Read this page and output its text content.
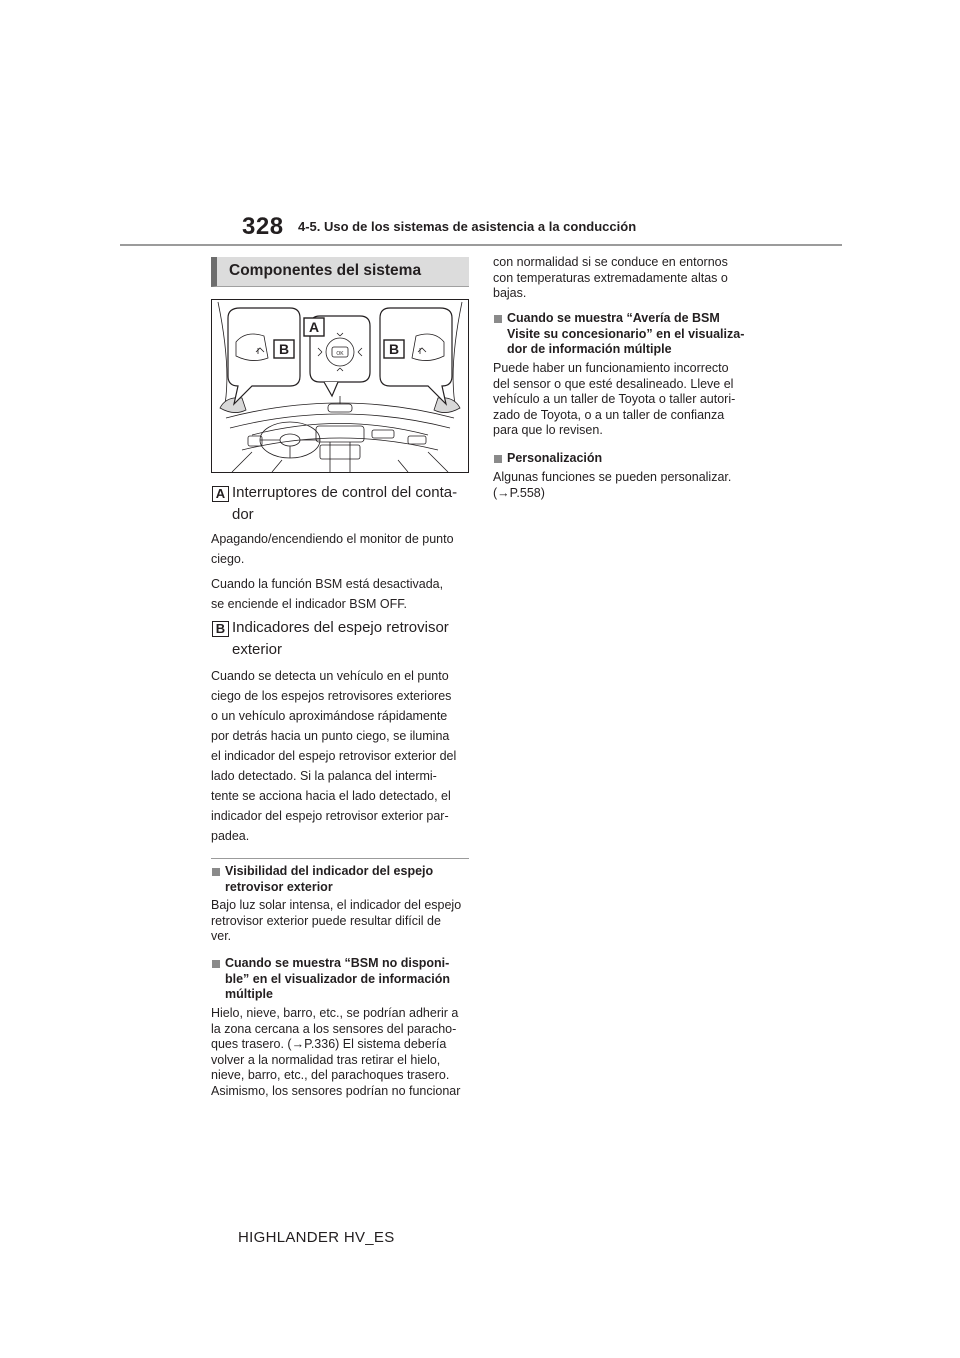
328 4-5. Uso de los sistemas de asistencia a la conducción
Componentes del sistema
OK
A
B	B
A Interruptores de control del conta-
dor
Apagando/encendiendo el monitor de punto
ciego.
Cuando la función BSM está desactivada,
se enciende el indicador BSM OFF.
B Indicadores del espejo retrovisor
exterior
Cuando se detecta un vehículo en el punto
ciego de los espejos retrovisores exteriores
o un vehículo aproximándose rápidamente
por detrás hacia un punto ciego, se ilumina
el indicador del espejo retrovisor exterior del
lado detectado. Si la palanca del intermi-
tente se acciona hacia el lado detectado, el
indicador del espejo retrovisor exterior par-
padea.
Visibilidad del indicador del espejo
retrovisor exterior
Bajo luz solar intensa, el indicador del espejo
retrovisor exterior puede resultar difícil de
ver.
Cuando se muestra “BSM no disponi-
ble” en el visualizador de información
múltiple
Hielo, nieve, barro, etc., se podrían adherir a
la zona cercana a los sensores del paracho-
ques trasero. (→P.336) El sistema debería
volver a la normalidad tras retirar el hielo,
nieve, barro, etc., del parachoques trasero.
Asimismo, los sensores podrían no funcionar
con normalidad si se conduce en entornos
con temperaturas extremadamente altas o
bajas.
Cuando se muestra “Avería de BSM
Visite su concesionario” en el visualiza-
dor de información múltiple
Puede haber un funcionamiento incorrecto
del sensor o que esté desalineado. Lleve el
vehículo a un taller de Toyota o taller autori-
zado de Toyota, o a un taller de confianza
para que lo revisen.
Personalización
Algunas funciones se pueden personalizar.
(→P.558)
HIGHLANDER HV_ES
